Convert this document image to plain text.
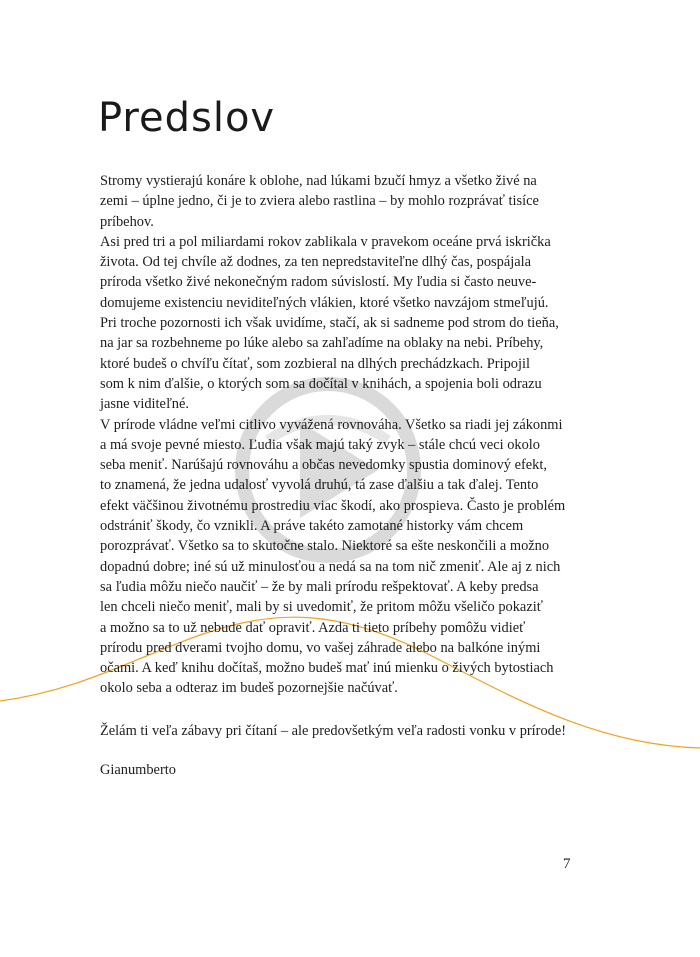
Predslov
Stromy vystierajú konáre k oblohe, nad lúkami bzučí hmyz a všetko živé na
zemi – úplne jedno, či je to zviera alebo rastlina – by mohlo rozprávať tisíce
príbehov.
Asi pred tri a pol miliardami rokov zablikala v pravekom oceáne prvá iskrička
života. Od tej chvíle až dodnes, za ten nepredstaviteľne dlhý čas, pospájala
príroda všetko živé nekonečným radom súvislostí. My ľudia si často neuve-
domujeme existenciu neviditeľných vlákien, ktoré všetko navzájom stmeľujú.
Pri troche pozornosti ich však uvidíme, stačí, ak si sadneme pod strom do tieňa,
na jar sa rozbehneme po lúke alebo sa zahľadíme na oblaky na nebi. Príbehy,
ktoré budeš o chvíľu čítať, som zozbieral na dlhých prechádzkach. Pripojil
som k nim ďalšie, o ktorých som sa dočítal v knihách, a spojenia boli odrazu
jasne viditeľné.
V prírode vládne veľmi citlivo vyvážená rovnováha. Všetko sa riadi jej zákonmi
a má svoje pevné miesto. Ľudia však majú taký zvyk – stále chcú veci okolo
seba meniť. Narúšajú rovnováhu a občas nevedomky spustia dominový efekt,
to znamená, že jedna udalosť vyvolá druhú, tá zase ďalšiu a tak ďalej. Tento
efekt väčšinou životnému prostrediu viac škodí, ako prospieva. Často je problém
odstrániť škody, čo vznikli. A práve takéto zamotané historky vám chcem
porozprávať. Všetko sa to skutočne stalo. Niektoré sa ešte neskončili a možno
dopadnú dobre; iné sú už minulosťou a nedá sa na tom nič zmeniť. Ale aj z nich
sa ľudia môžu niečo naučiť – že by mali prírodu rešpektovať. A keby predsa
len chceli niečo meniť, mali by si uvedomiť, že pritom môžu všeličo pokaziť
a možno sa to už nebude dať opraviť. Azda ti tieto príbehy pomôžu vidieť
prírodu pred dverami tvojho domu, vo vašej záhrade alebo na balkóne inými
očami. A keď knihu dočítaš, možno budeš mať inú mienku o živých bytostiach
okolo seba a odteraz im budeš pozornejšie načúvať.
Želám ti veľa zábavy pri čítaní – ale predovšetkým veľa radosti vonku v prírode!
Gianumberto
7
